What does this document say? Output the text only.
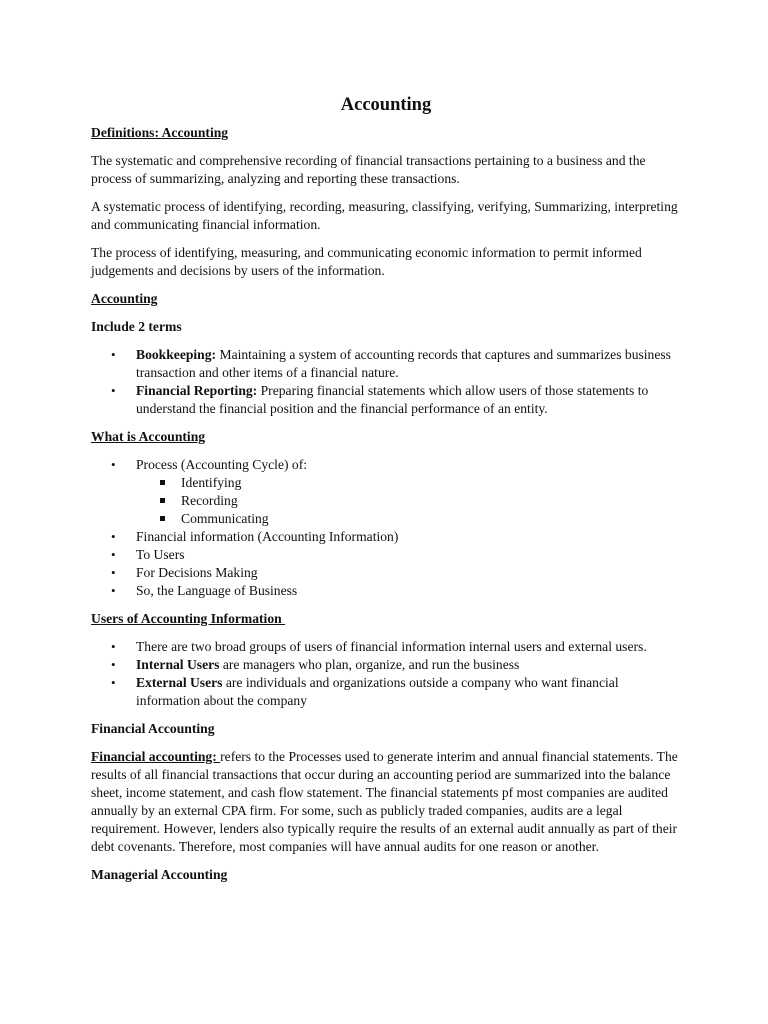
Accounting
Definitions: Accounting

The systematic and comprehensive recording of financial transactions pertaining to a business and the process of summarizing, analyzing and reporting these transactions.

A systematic process of identifying, recording, measuring, classifying, verifying, Summarizing, interpreting and communicating financial information.

The process of identifying, measuring, and communicating economic information to permit informed judgements and decisions by users of the information.

Accounting
Include 2 terms
• Bookkeeping: Maintaining a system of accounting records that captures and summarizes business transaction and other items of a financial nature.
• Financial Reporting: Preparing financial statements which allow users of those statements to understand the financial position and the financial performance of an entity.
What is Accounting
• Process (Accounting Cycle) of:
Identifying
Recording
Communicating
• Financial information (Accounting Information)
• To Users
• For Decisions Making
• So, the Language of Business
Users of Accounting Information
• There are two broad groups of users of financial information internal users and external users.
• Internal Users are managers who plan, organize, and run the business
• External Users are individuals and organizations outside a company who want financial information about the company
Financial Accounting

Financial accounting: refers to the Processes used to generate interim and annual financial statements. The results of all financial transactions that occur during an accounting period are summarized into the balance sheet, income statement, and cash flow statement. The financial statements pf most companies are audited annually by an external CPA firm. For some, such as publicly traded companies, audits are a legal requirement. However, lenders also typically require the results of an external audit annually as part of their debt covenants. Therefore, most companies will have annual audits for one reason or another.

Managerial Accounting
